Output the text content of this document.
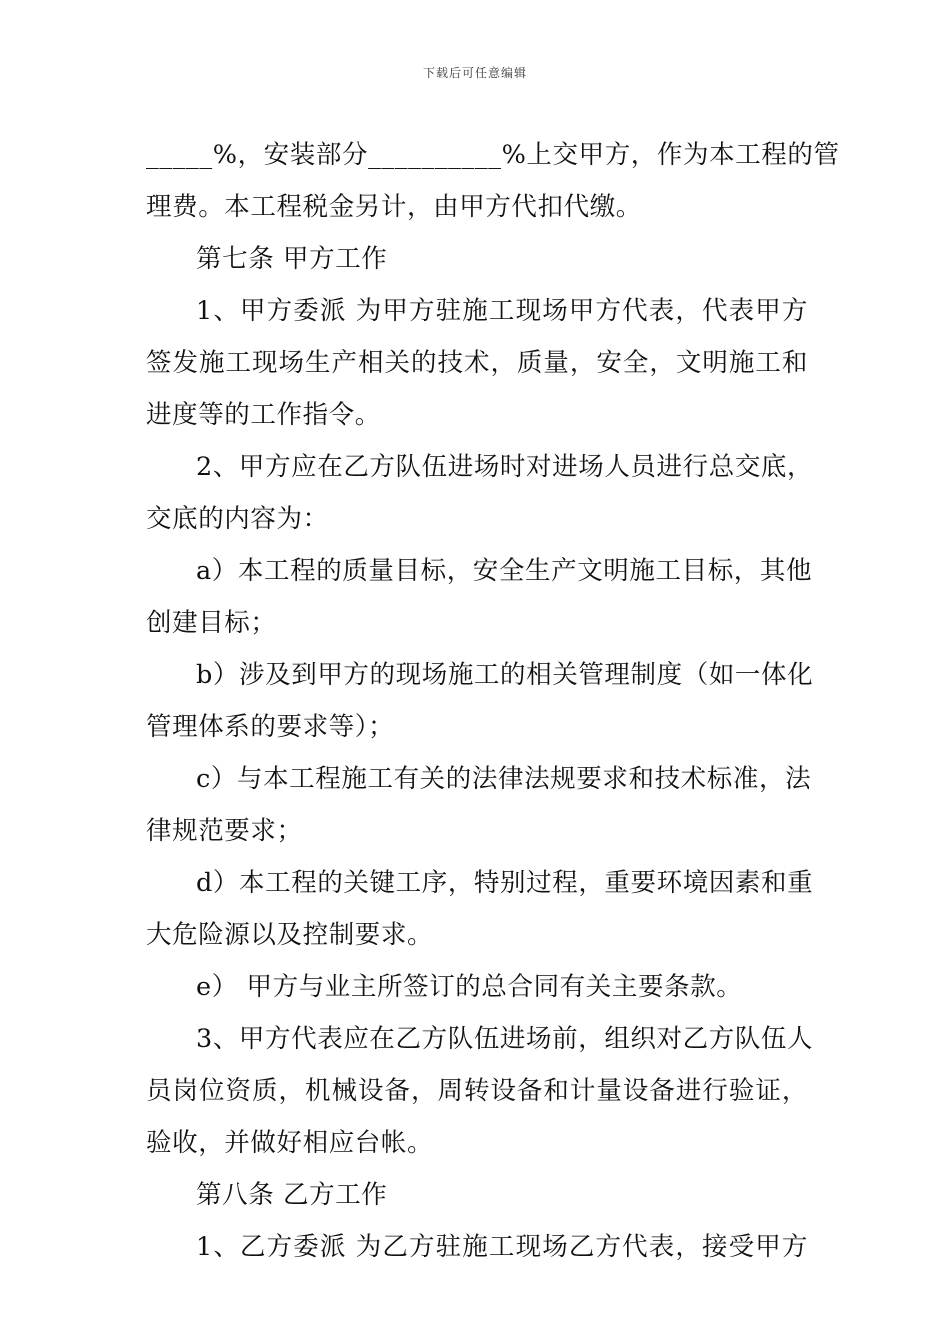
下载后可任意编辑
_____%，安装部分__________%上交甲方，作为本工程的管
理费。本工程税金另计，由甲方代扣代缴。
第七条 甲方工作
1、甲方委派 为甲方驻施工现场甲方代表，代表甲方
签发施工现场生产相关的技术，质量，安全，文明施工和
进度等的工作指令。
2、甲方应在乙方队伍进场时对进场人员进行总交底，
交底的内容为：
a）本工程的质量目标，安全生产文明施工目标，其他
创建目标；
b）涉及到甲方的现场施工的相关管理制度（如一体化
管理体系的要求等）；
c）与本工程施工有关的法律法规要求和技术标准，法
律规范要求；
d）本工程的关键工序，特别过程，重要环境因素和重
大危险源以及控制要求。
e） 甲方与业主所签订的总合同有关主要条款。
3、甲方代表应在乙方队伍进场前，组织对乙方队伍人
员岗位资质，机械设备，周转设备和计量设备进行验证，
验收，并做好相应台帐。
第八条 乙方工作
1、乙方委派 为乙方驻施工现场乙方代表，接受甲方
